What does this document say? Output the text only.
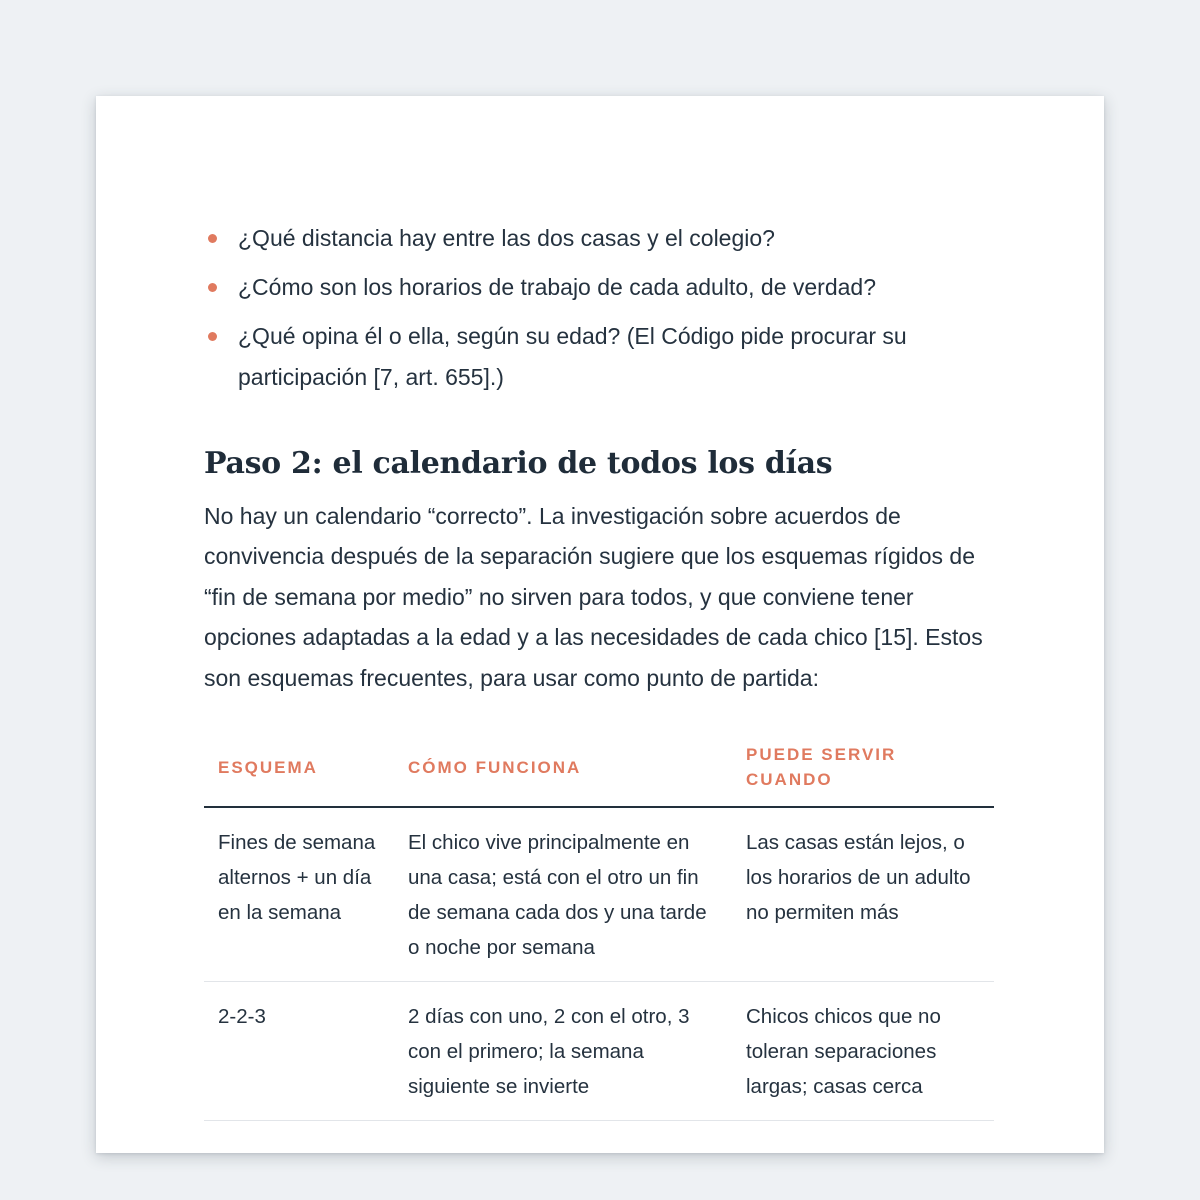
¿Qué distancia hay entre las dos casas y el colegio?
¿Cómo son los horarios de trabajo de cada adulto, de verdad?
¿Qué opina él o ella, según su edad? (El Código pide procurar su participación [7, art. 655].)
Paso 2: el calendario de todos los días

No hay un calendario “correcto”. La investigación sobre acuerdos de convivencia después de la separación sugiere que los esquemas rígidos de “fin de semana por medio” no sirven para todos, y que conviene tener opciones adaptadas a la edad y a las necesidades de cada chico [15]. Estos son esquemas frecuentes, para usar como punto de partida:

ESQUEMA	CÓMO FUNCIONA	PUEDE SERVIR CUANDO
Fines de semana alternos + un día en la semana	El chico vive principalmente en una casa; está con el otro un fin de semana cada dos y una tarde o noche por semana	Las casas están lejos, o los horarios de un adulto no permiten más
2-2-3	2 días con uno, 2 con el otro, 3 con el primero; la semana siguiente se invierte	Chicos chicos que no toleran separaciones largas; casas cerca
